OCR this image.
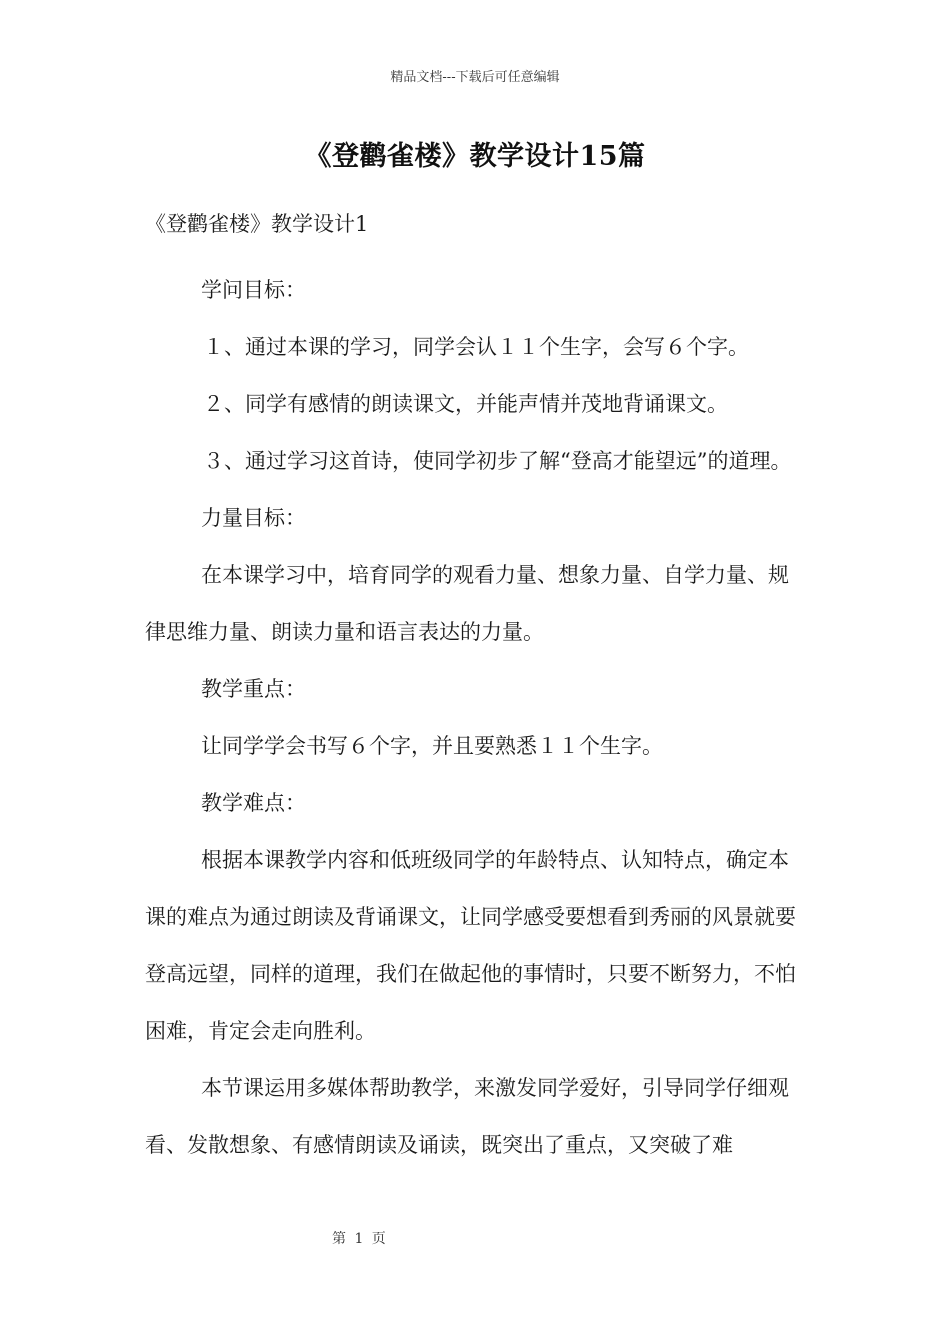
精品文档---下载后可任意编辑
《登鹳雀楼》教学设计15篇
《登鹳雀楼》教学设计1

学问目标：

１、通过本课的学习，同学会认１１个生字，会写６个字。

２、同学有感情的朗读课文，并能声情并茂地背诵课文。

３、通过学习这首诗，使同学初步了解“登高才能望远”的道理。

力量目标：

在本课学习中，培育同学的观看力量、想象力量、自学力量、规律思维力量、朗读力量和语言表达的力量。

教学重点：

让同学学会书写６个字，并且要熟悉１１个生字。

教学难点：

根据本课教学内容和低班级同学的年龄特点、认知特点，确定本课的难点为通过朗读及背诵课文，让同学感受要想看到秀丽的风景就要登高远望，同样的道理，我们在做起他的事情时，只要不断努力，不怕困难，肯定会走向胜利。

本节课运用多媒体帮助教学，来激发同学爱好，引导同学仔细观看、发散想象、有感情朗读及诵读，既突出了重点，又突破了难

第 1 页
